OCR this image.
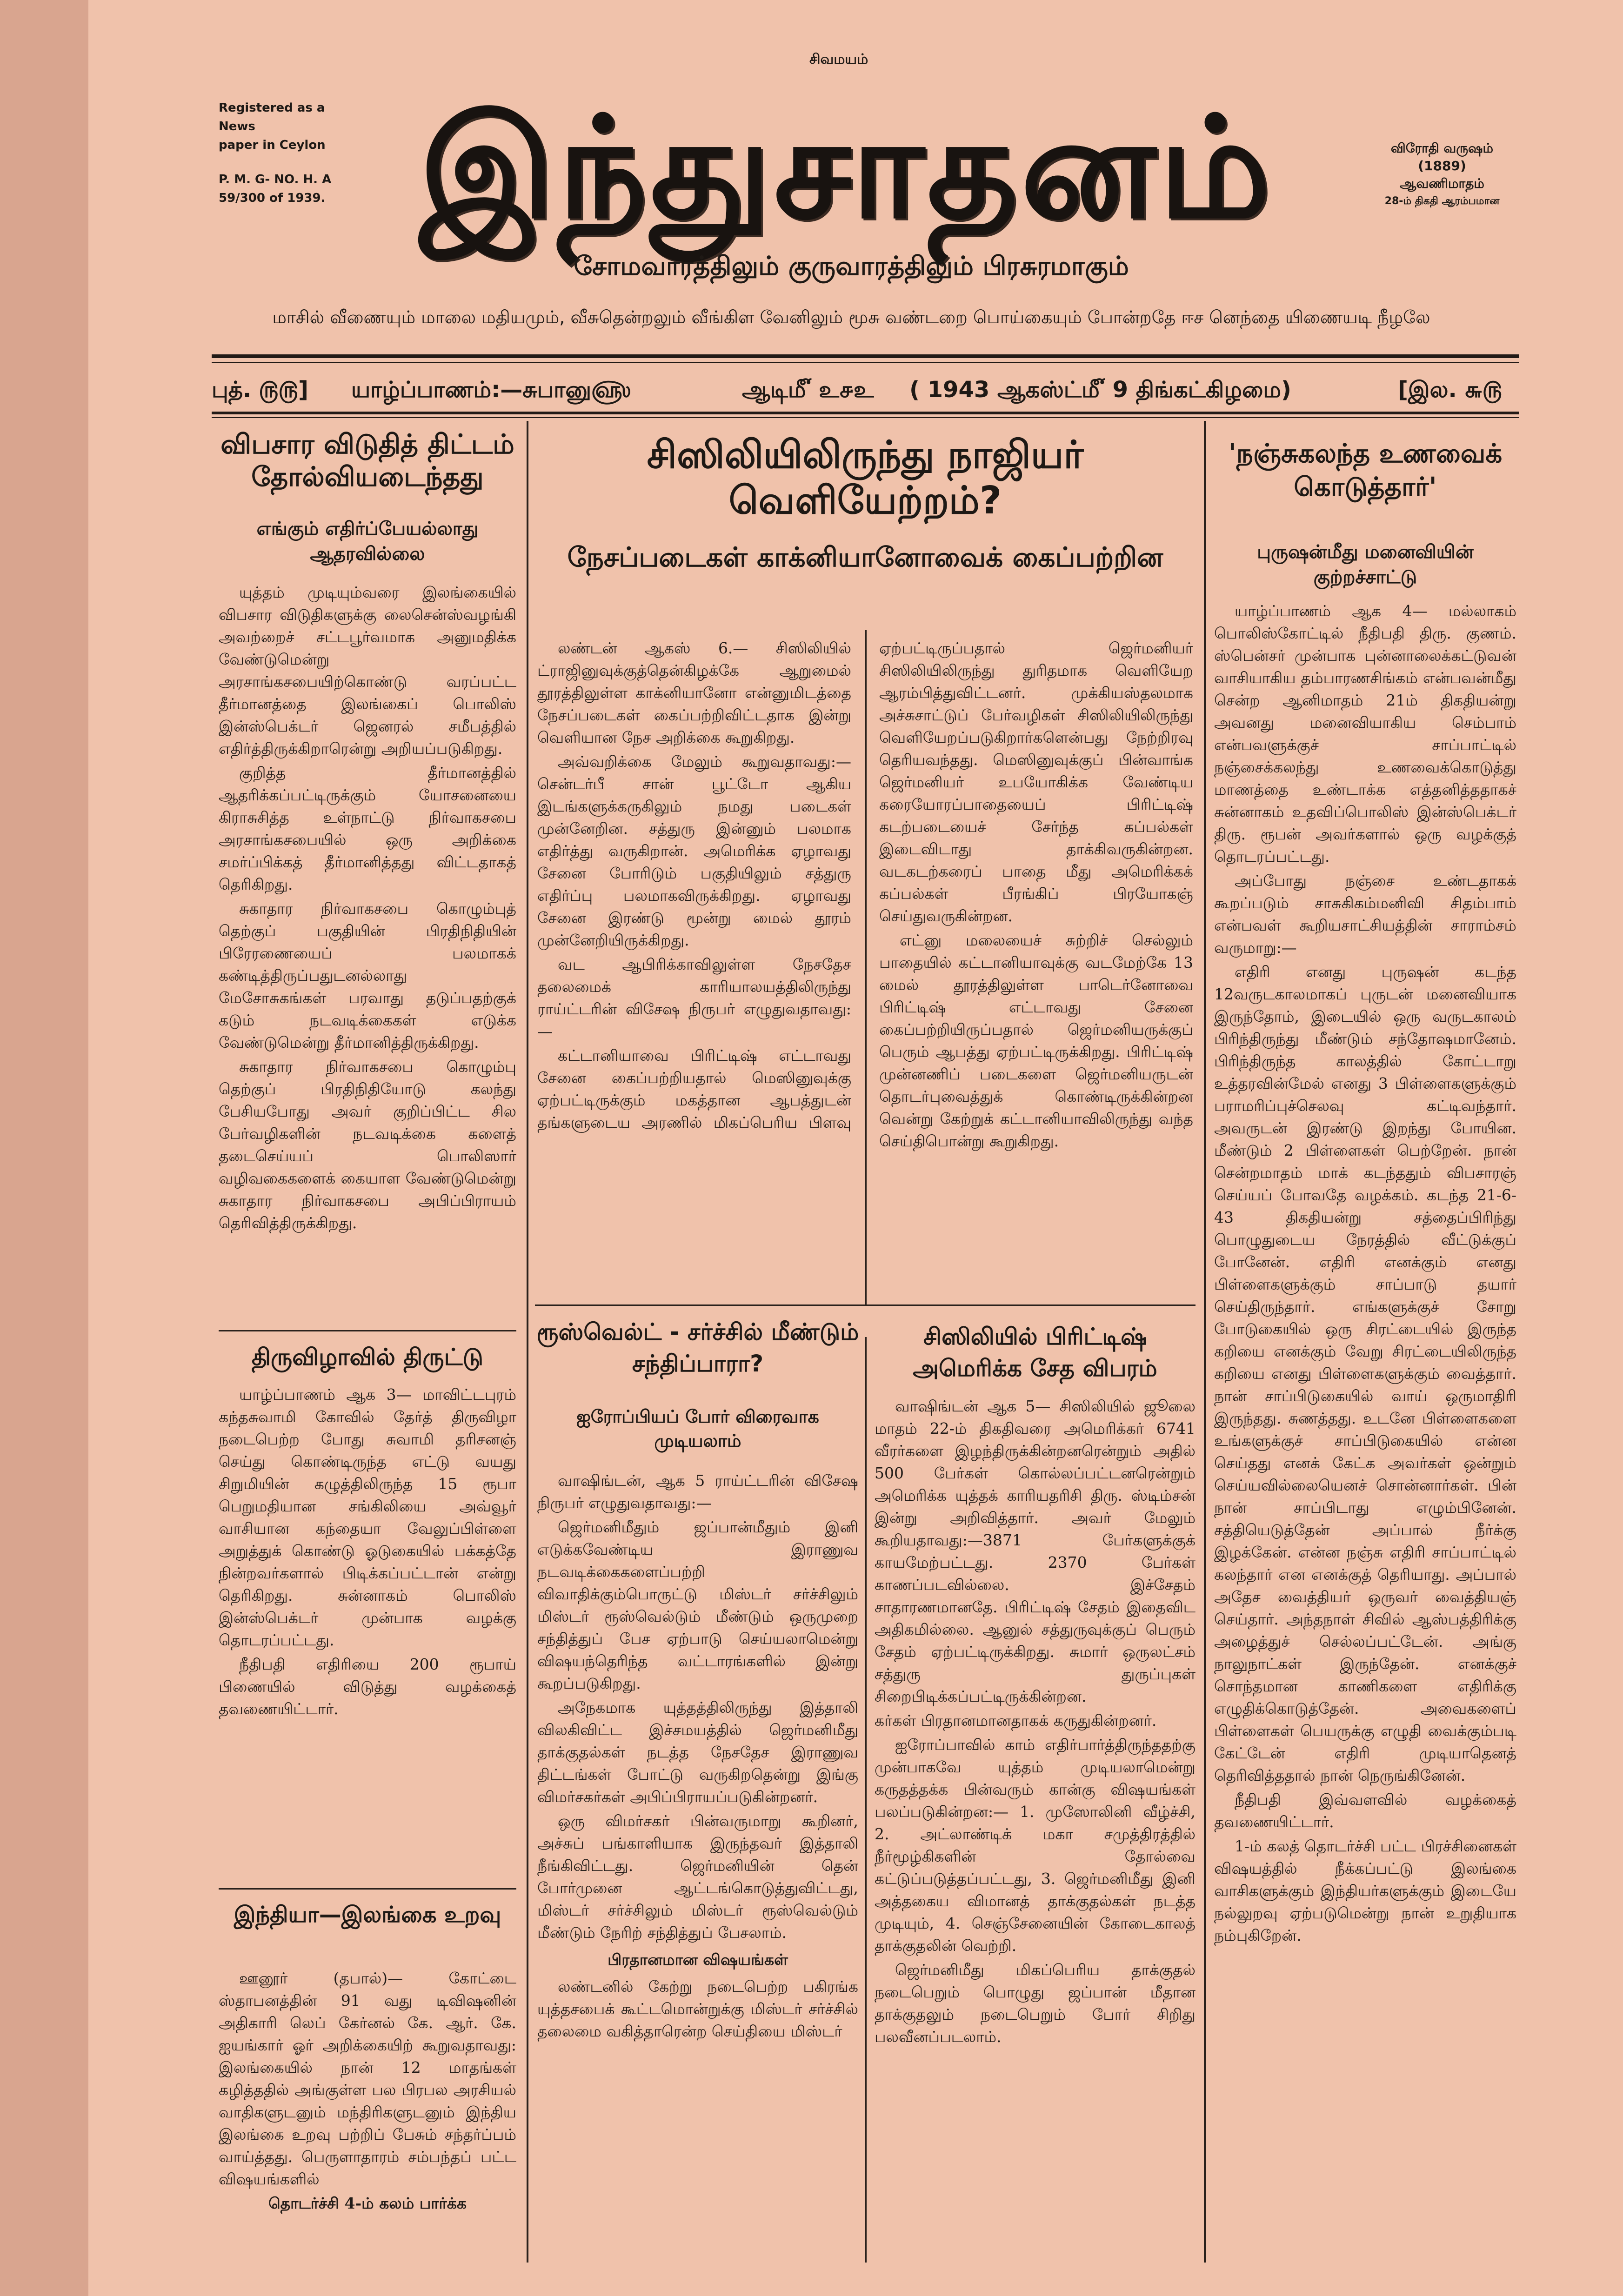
சிவமயம்
Registered as a News
paper in Ceylon
P. M. G- NO. H. A
59/300 of 1939. இந்துசாதனம்	விரோதி வருஷம்
(1889)
ஆவணிமாதம்
28-ம் திகதி ஆரம்பமான
சோமவாரத்திலும் குருவாரத்திலும் பிரசுரமாகும்
மாசில் வீணையும் மாலை மதியமும், வீசுதென்றலும் வீங்கிள வேனிலும் மூசு வண்டறை பொய்கையும் போன்றதே ஈச னெந்தை யிணையடி நீழலே
புத். ௫௫] யாழ்ப்பாணம்:—சுபானு௵	ஆடி௴ உ௪உ ( 1943 ஆகஸ்ட்௴ 9 திங்கட்கிழமை)	[இல. ௬௫
விபசார விடுதித் திட்டம் தோல்வியடைந்தது
எங்கும் எதிர்ப்பேயல்லாது ஆதரவில்லை

யுத்தம் முடியும்வரை இலங்கையில் விபசார விடுதிகளுக்கு லைசென்ஸ்வழங்கி அவற்றைச் சட்டபூர்வமாக அனுமதிக்க வேண்டுமென்று அரசாங்கசபையிற்கொண்டு வரப்பட்ட தீர்மானத்தை இலங்கைப் பொலிஸ் இன்ஸ்பெக்டர் ஜெனரல் சமீபத்தில் எதிர்த்திருக்கிறாரென்று அறியப்படுகிறது.

குறித்த தீர்மானத்தில் ஆதரிக்கப்பட்டிருக்கும் யோசனையை கிராசுசித்த உள்நாட்டு நிர்வாகசபை அரசாங்கசபையில் ஒரு அறிக்கை சமர்ப்பிக்கத் தீர்மானித்தது விட்டதாகத் தெரிகிறது.

சுகாதார நிர்வாகசபை கொழும்புத் தெற்குப் பகுதியின் பிரதிநிதியின் பிரேரணையைப் பலமாகக் கண்டித்திருப்பதுடனல்லாது மேசோசுகங்கள் பரவாது தடுப்பதற்குக் கடும் நடவடிக்கைகள் எடுக்க வேண்டுமென்று தீர்மானித்திருக்கிறது.

சுகாதார நிர்வாகசபை கொழும்பு தெற்குப் பிரதிநிதியோடு கலந்து பேசியபோது அவர் குறிப்பிட்ட சில பேர்வழிகளின் நடவடிக்கை களைத் தடைசெய்யப் பொலிஸார் வழிவகைகளைக் கையாள வேண்டுமென்று சுகாதார நிர்வாகசபை அபிப்பிராயம் தெரிவித்திருக்கிறது.

திருவிழாவில் திருட்டு

யாழ்ப்பாணம் ஆக 3— மாவிட்டபுரம் கந்தசுவாமி கோவில் தேர்த் திருவிழா நடைபெற்ற போது சுவாமி தரிசனஞ் செய்து கொண்டிருந்த எட்டு வயது சிறுமியின் கழுத்திலிருந்த 15 ரூபா பெறுமதியான சங்கிலியை அவ்வூர் வாசியான கந்தையா வேலுப்பிள்ளை அறுத்துக் கொண்டு ஓடுகையில் பக்கத்தே நின்றவர்களால் பிடிக்கப்பட்டான் என்று தெரிகிறது. சுன்னாகம் பொலிஸ் இன்ஸ்பெக்டர் முன்பாக வழக்கு தொடரப்பட்டது.

நீதிபதி எதிரியை 200 ரூபாய் பிணையில் விடுத்து வழக்கைத் தவணையிட்டார்.

இந்தியா—இலங்கை உறவு

ஊனூர் (தபால்)— கோட்டை ஸ்தாபனத்தின் 91 வது டிவிஷனின் அதிகாரி லெப் கேர்னல் கே. ஆர். கே. ஐயங்கார் ஓர் அறிக்கையிற் கூறுவதாவது: இலங்கையில் நான் 12 மாதங்கள் கழித்ததில் அங்குள்ள பல பிரபல அரசியல் வாதிகளுடனும் மந்திரிகளுடனும் இந்திய இலங்கை உறவு பற்றிப் பேசும் சந்தர்ப்பம் வாய்த்தது. பெருளாதாரம் சம்பந்தப் பட்ட விஷயங்களில்

தொடர்ச்சி 4-ம் கலம் பார்க்க

சிஸிலியிலிருந்து நாஜியர் வெளியேற்றம்?
நேசப்படைகள் காக்னியானோவைக் கைப்பற்றின

லண்டன் ஆகஸ் 6.— சிஸிலியில் ட்ராஜினுவுக்குத்தென்கிழக்கே ஆறுமைல் தூரத்திலுள்ள காக்னியானோ என்னுமிடத்தை நேசப்படைகள் கைப்பற்றிவிட்டதாக இன்று வெளியான நேச அறிக்கை கூறுகிறது.

அவ்வறிக்கை மேலும் கூறுவதாவது:— சென்டர்பீ சான் பூட்டோ ஆகிய இடங்களுக்கருகிலும் நமது படைகள் முன்னேறின. சத்துரு இன்னும் பலமாக எதிர்த்து வருகிறான். அமெரிக்க ஏழாவது சேனை போரிடும் பகுதியிலும் சத்துரு எதிர்ப்பு பலமாகவிருக்கிறது. ஏழாவது சேனை இரண்டு மூன்று மைல் தூரம் முன்னேறியிருக்கிறது.

வட ஆபிரிக்காவிலுள்ள நேசதேச தலைமைக் காரியாலயத்திலிருந்து ராய்ட்டரின் விசேஷ நிருபர் எழுதுவதாவது:—

கட்டானியாவை பிரிட்டிஷ் எட்டாவது சேனை கைப்பற்றியதால் மெஸினுவுக்கு ஏற்பட்டிருக்கும் மகத்தான ஆபத்துடன் தங்களுடைய அரணில் மிகப்பெரிய பிளவு ஏற்பட்டிருப்பதால் ஜெர்மனியர் சிஸிலியிலிருந்து துரிதமாக வெளியேற ஆரம்பித்துவிட்டனர். முக்கியஸ்தலமாக அச்சுசாட்டுப் பேர்வழிகள் சிஸிலியிலிருந்து வெளியேறப்படுகிறார்களென்பது நேற்றிரவு தெரியவந்தது. மெஸினுவுக்குப் பின்வாங்க ஜெர்மனியர் உபயோகிக்க வேண்டிய கரையோரப்பாதையைப் பிரிட்டிஷ் கடற்படையைச் சேர்ந்த கப்பல்கள் இடைவிடாது தாக்கிவருகின்றன. வடகடற்கரைப் பாதை மீது அமெரிக்கக் கப்பல்கள் பீரங்கிப் பிரயோகஞ் செய்துவருகின்றன.

எட்னு மலையைச் சுற்றிச் செல்லும் பாதையில் கட்டானியாவுக்கு வடமேற்கே 13 மைல் தூரத்திலுள்ள பாடெர்னோவை பிரிட்டிஷ் எட்டாவது சேனை கைப்பற்றியிருப்பதால் ஜெர்மனியருக்குப் பெரும் ஆபத்து ஏற்பட்டிருக்கிறது. பிரிட்டிஷ் முன்னணிப் படைகளை ஜெர்மனியருடன் தொடர்புவைத்துக் கொண்டிருக்கின்றன வென்று கேற்றுக் கட்டானியாவிலிருந்து வந்த செய்திபொன்று கூறுகிறது.

ரூஸ்வெல்ட் - சர்ச்சில் மீண்டும் சந்திப்பாரா?
ஐரோப்பியப் போர் விரைவாக முடியலாம்

வாஷிங்டன், ஆக 5 ராய்ட்டரின் விசேஷ நிருபர் எழுதுவதாவது:—

ஜெர்மனிமீதும் ஜப்பான்மீதும் இனி எடுக்கவேண்டிய இராணுவ நடவடிக்கைகளைப்பற்றி விவாதிக்கும்பொருட்டு மிஸ்டர் சர்ச்சிலும் மிஸ்டர் ரூஸ்வெல்டும் மீண்டும் ஒருமுறை சந்தித்துப் பேச ஏற்பாடு செய்யலாமென்று விஷயந்தெரிந்த வட்டாரங்களில் இன்று கூறப்படுகிறது.

அநேகமாக யுத்தத்திலிருந்து இத்தாலி விலகிவிட்ட இச்சமயத்தில் ஜெர்மனிமீது தாக்குதல்கள் நடத்த நேசதேச இராணுவ திட்டங்கள் போட்டு வருகிறதென்று இங்கு விமர்சகர்கள் அபிப்பிராயப்படுகின்றனர்.

ஒரு விமர்சகர் பின்வருமாறு கூறினர், அச்சுப் பங்காளியாக இருந்தவர் இத்தாலி நீங்கிவிட்டது. ஜெர்மனியின் தென் போர்முனை ஆட்டங்கொடுத்துவிட்டது, மிஸ்டர் சர்ச்சிலும் மிஸ்டர் ரூஸ்வெல்டும் மீண்டும் நேரிற் சந்தித்துப் பேசலாம்.

பிரதானமான விஷயங்கள்

லண்டனில் கேற்று நடைபெற்ற பகிரங்க யுத்தசபைக் கூட்டமொன்றுக்கு மிஸ்டர் சர்ச்சில் தலைமை வகித்தாரென்ற செய்தியை மிஸ்டர்

சிஸிலியில் பிரிட்டிஷ் அமெரிக்க சேத விபரம்

வாஷிங்டன் ஆக 5— சிஸிலியில் ஜூலை மாதம் 22-ம் திகதிவரை அமெரிக்கர் 6741 வீரர்களை இழந்திருக்கின்றனரென்றும் அதில் 500 பேர்கள் கொல்லப்பட்டனரென்றும் அமெரிக்க யுத்தக் காரியதரிசி திரு. ஸ்டிம்சன் இன்று அறிவித்தார். அவர் மேலும் கூறியதாவது:—3871 பேர்களுக்குக் காயமேற்பட்டது. 2370 பேர்கள் காணப்படவில்லை. இச்சேதம் சாதாரணமானதே. பிரிட்டிஷ் சேதம் இதைவிட அதிகமில்லை. ஆனுல் சத்துருவுக்குப் பெரும் சேதம் ஏற்பட்டிருக்கிறது. சுமார் ஒருலட்சம் சத்துரு துருப்புகள் சிறைபிடிக்கப்பட்டிருக்கின்றன.

கர்கள் பிரதானமானதாகக் கருதுகின்றனர்.

ஐரோப்பாவில் காம் எதிர்பார்த்திருந்ததற்கு முன்பாகவே யுத்தம் முடியலாமென்று கருதத்தக்க பின்வரும் கான்கு விஷயங்கள் பலப்படுகின்றன:— 1. முஸோலினி வீழ்ச்சி, 2. அட்லாண்டிக் மகா சமுத்திரத்தில் நீர்மூழ்கிகளின் தோல்வை கட்டுப்படுத்தப்பட்டது, 3. ஜெர்மனிமீது இனி அத்தகைய விமானத் தாக்குதல்கள் நடத்த முடியும், 4. செஞ்சேனையின் கோடைகாலத் தாக்குதலின் வெற்றி.

ஜெர்மனிமீது மிகப்பெரிய தாக்குதல் நடைபெறும் பொழுது ஜப்பான் மீதான தாக்குதலும் நடைபெறும் போர் சிறிது பலவீனப்படலாம்.

'நஞ்சுகலந்த உணவைக் கொடுத்தார்'
புருஷன்மீது மனைவியின் குற்றச்சாட்டு

யாழ்ப்பாணம் ஆக 4— மல்லாகம் பொலிஸ்கோட்டில் நீதிபதி திரு. குணம். ஸ்பென்சர் முன்பாக புன்னாலைக்கட்டுவன் வாசியாகிய தம்பாரணசிங்கம் என்பவன்மீது சென்ற ஆனிமாதம் 21ம் திகதியன்று அவனது மனைவியாகிய செம்பாம் என்பவளுக்குச் சாப்பாட்டில் நஞ்சைக்கலந்து உணவைக்கொடுத்து மாணத்தை உண்டாக்க எத்தனித்ததாகச் சுன்னாகம் உதவிப்பொலிஸ் இன்ஸ்பெக்டர் திரு. ரூபன் அவர்களால் ஒரு வழக்குத் தொடரப்பட்டது.

அப்போது நஞ்சை உண்டதாகக் கூறப்படும் சாசுகிகம்மனிவி சிதம்பாம் என்பவள் கூறியசாட்சியத்தின் சாராம்சம் வருமாறு:—

எதிரி எனது புருஷன் கடந்த 12வருடகாலமாகப் புருடன் மனைவியாக இருந்தோம், இடையில் ஒரு வருடகாலம் பிரிந்திருந்து மீண்டும் சந்தோஷமானேம். பிரிந்திருந்த காலத்தில் கோட்டாறு உத்தரவின்மேல் எனது 3 பிள்ளைகளுக்கும் பராமரிப்புச்செலவு கட்டிவந்தார். அவருடன் இரண்டு இறந்து போயின. மீண்டும் 2 பிள்ளைகள் பெற்றேன். நான் சென்றமாதம் மாக் கடந்ததும் விபசாரஞ் செய்யப் போவதே வழக்கம். கடந்த 21-6-43 திகதியன்று சத்தைப்பிரிந்து பொழுதுடைய நேரத்தில் வீட்டுக்குப் போனேன். எதிரி எனக்கும் எனது பிள்ளைகளுக்கும் சாப்பாடு தயார் செய்திருந்தார். எங்களுக்குச் சோறு போடுகையில் ஒரு சிரட்டையில் இருந்த கறியை எனக்கும் வேறு சிரட்டையிலிருந்த கறியை எனது பிள்ளைகளுக்கும் வைத்தார். நான் சாப்பிடுகையில் வாய் ஒருமாதிரி இருந்தது. சுணத்தது. உடனே பிள்ளைகளை உங்களுக்குச் சாப்பிடுகையில் என்ன செய்தது எனக் கேட்க அவர்கள் ஒன்றும் செய்யவில்லையெனச் சொன்னார்கள். பின் நான் சாப்பிடாது எழும்பினேன். சத்தியெடுத்தேன் அப்பால் நீர்க்கு இழக்கேன். என்ன நஞ்சு எதிரி சாப்பாட்டில் கலந்தார் என எனக்குத் தெரியாது. அப்பால் அதேச வைத்தியர் ஒருவர் வைத்தியஞ் செய்தார். அந்தநாள் சிவில் ஆஸ்பத்திரிக்கு அழைத்துச் செல்லப்பட்டேன். அங்கு நாலுநாட்கள் இருந்தேன். எனக்குச் சொந்தமான காணிகளை எதிரிக்கு எழுதிக்கொடுத்தேன். அவைகளைப் பிள்ளைகள் பெயருக்கு எழுதி வைக்கும்படி கேட்டேன் எதிரி முடியாதெனத் தெரிவித்ததால் நான் நெருங்கினேன்.

நீதிபதி இவ்வளவில் வழக்கைத் தவணையிட்டார்.

1-ம் கலத் தொடர்ச்சி பட்ட பிரச்சினைகள் விஷயத்தில் நீக்கப்பட்டு இலங்கை வாசிகளுக்கும் இந்தியர்களுக்கும் இடையே நல்லுறவு ஏற்படுமென்று நான் உறுதியாக நம்புகிறேன்.
